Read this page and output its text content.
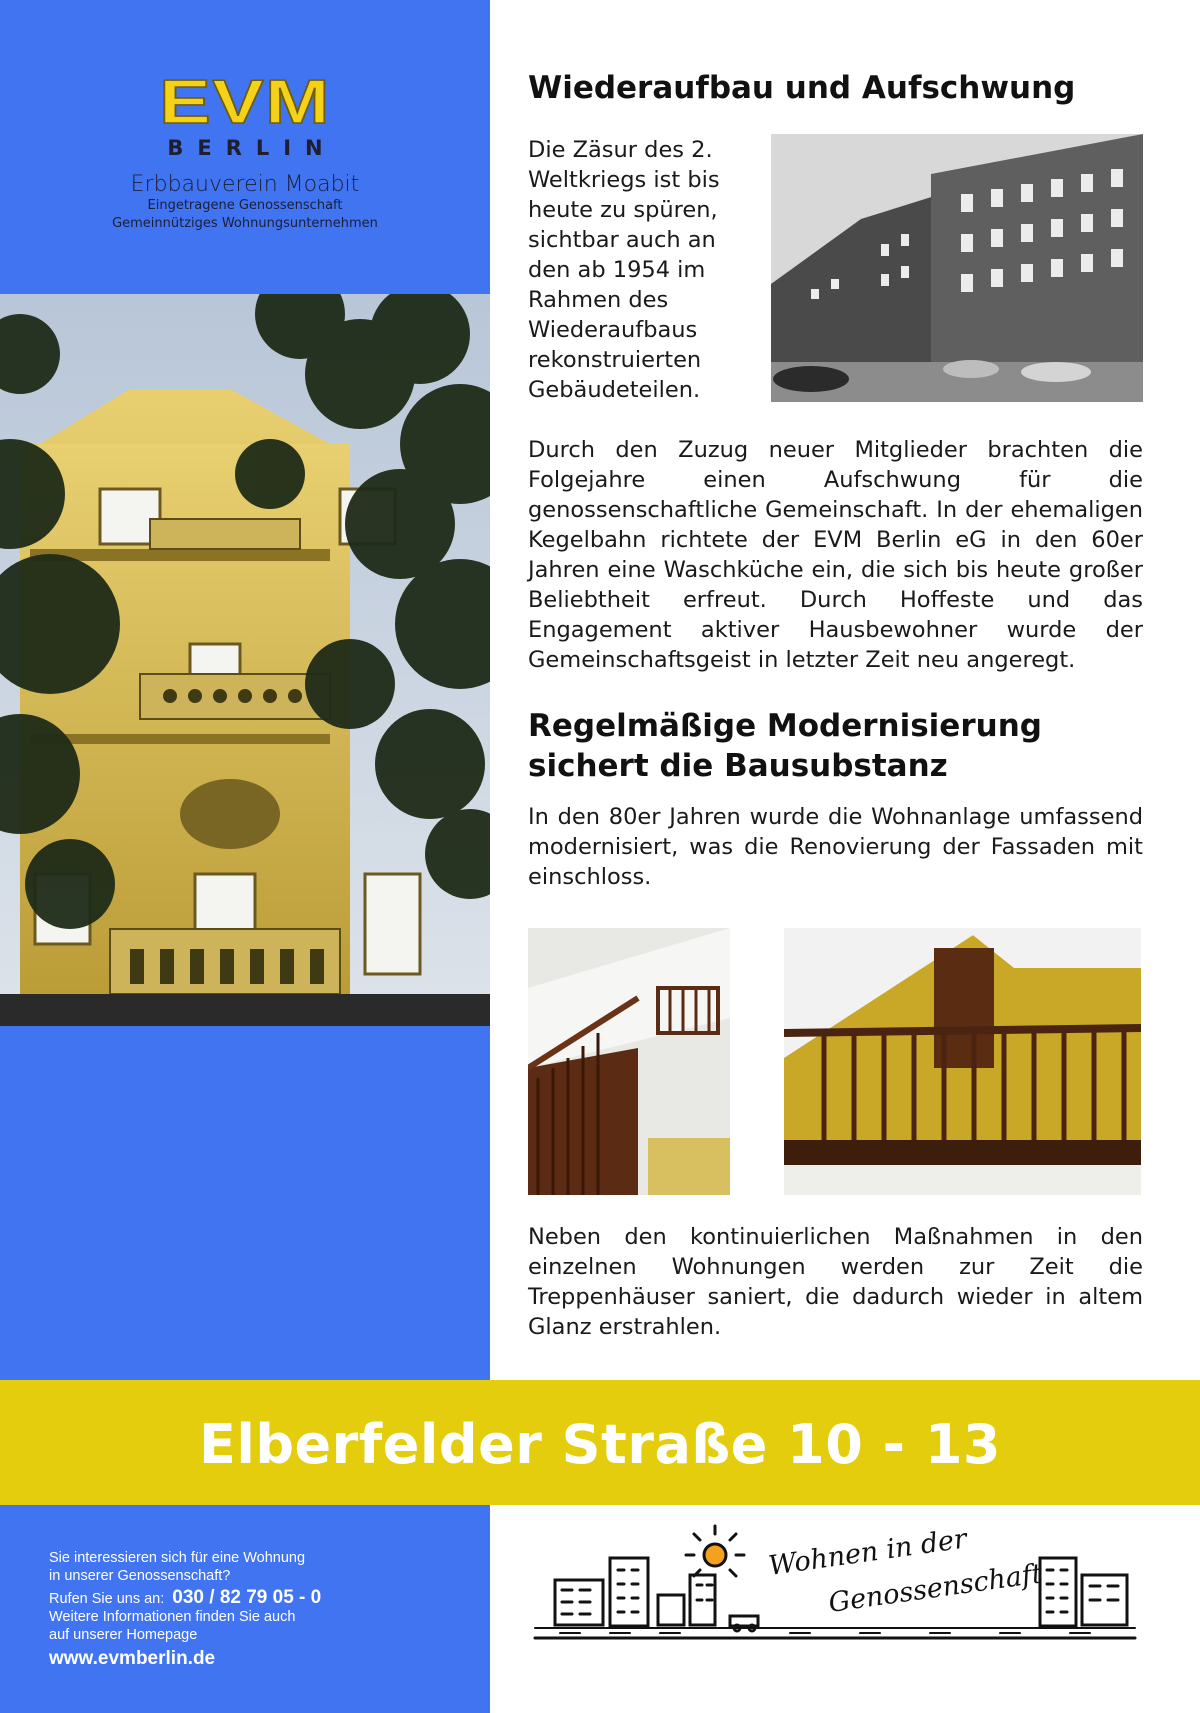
EVM
BERLIN
Erbbauverein Moabit
Eingetragene Genossenschaft
Gemeinnütziges Wohnungsunternehmen
Wiederaufbau und Aufschwung
Die Zäsur des 2. Weltkriegs ist bis heute zu spüren, sichtbar auch an den ab 1954 im Rahmen des Wiederaufbaus rekonstruierten Gebäudeteilen.
Durch den Zuzug neuer Mitglieder brachten die Folgejahre einen Aufschwung für die genossenschaftliche Gemeinschaft. In der ehemaligen Kegelbahn richtete der EVM Berlin eG in den 60er Jahren eine Waschküche ein, die sich bis heute großer Beliebtheit erfreut. Durch Hoffeste und das Engagement aktiver Hausbewohner wurde der Gemeinschaftsgeist in letzter Zeit neu angeregt.
Regelmäßige Modernisierung sichert die Bausubstanz
In den 80er Jahren wurde die Wohnanlage umfassend modernisiert, was die Renovierung der Fassaden mit einschloss.
Neben den kontinuierlichen Maßnahmen in den einzelnen Wohnungen werden zur Zeit die Treppenhäuser saniert, die dadurch wieder in altem Glanz erstrahlen.
Elberfelder Straße 10 - 13
Sie interessieren sich für eine Wohnung
in unserer Genossenschaft?
Rufen Sie uns an: 030 / 82 79 05 - 0
Weitere Informationen finden Sie auch
auf unserer Homepage
www.evmberlin.de
Wohnen in der
Genossenschaft
